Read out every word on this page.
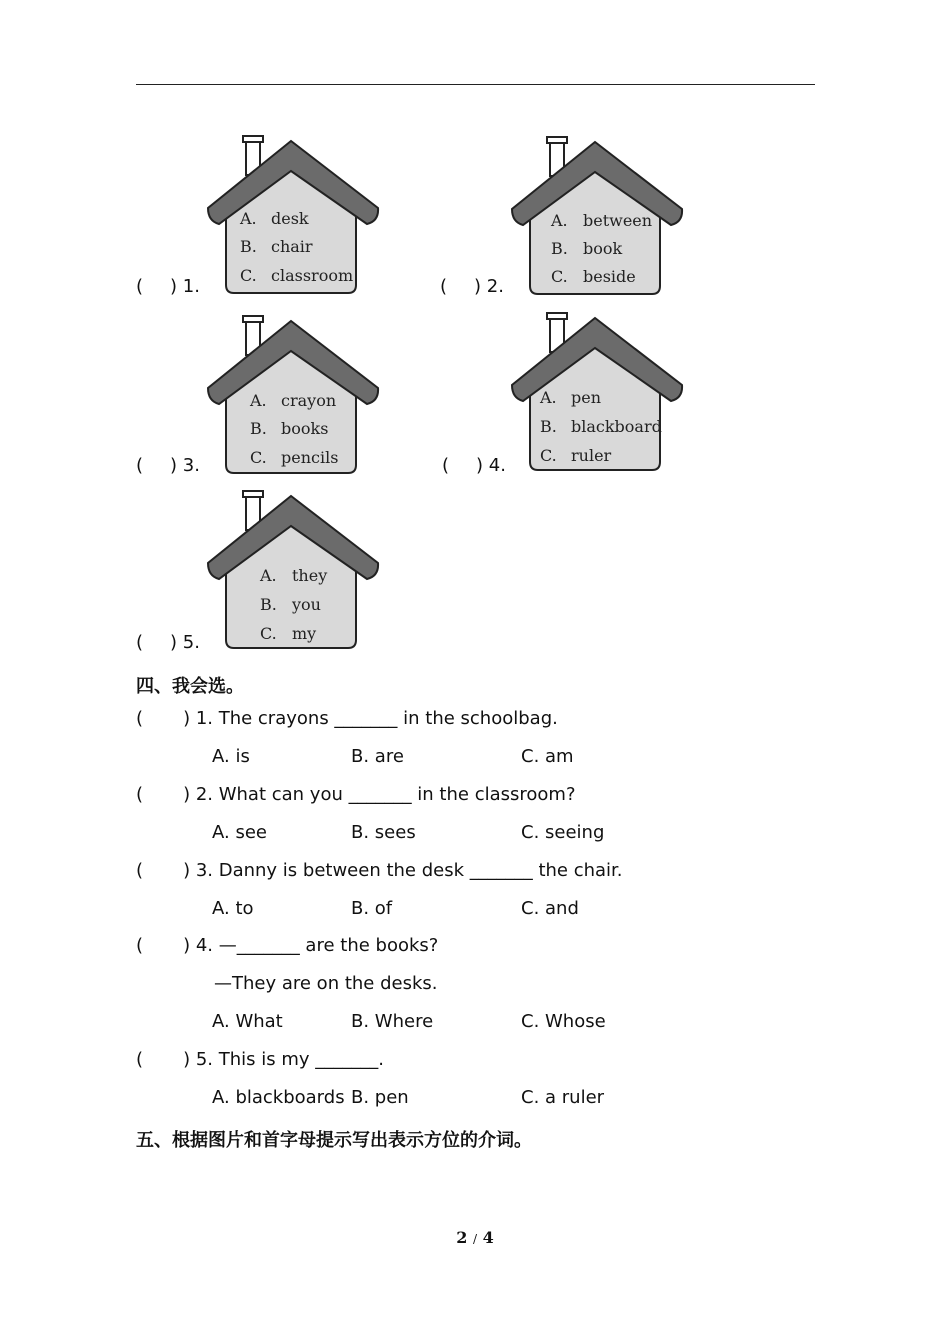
( ) 1.
A. desk
B. chair
C. classroom
( ) 2.
A. between
B. book
C. beside
( ) 3.
A. crayon
B. books
C. pencils	( ) 4.
A. pen
B. blackboard
C. ruler
( ) 5.
A. they
B. you
C. my
四、我会选。
(       ) 1. The crayons _______ in the schoolbag.
A. is	B. are	C. am
(       ) 2. What can you _______ in the classroom?
A. see	B. sees	C. seeing
(       ) 3. Danny is between the desk _______ the chair.
A. to	B. of	C. and
(       ) 4. —_______ are the books?
—They are on the desks.
A. What	B. Where	C. Whose
(       ) 5. This is my _______.
A. blackboards B. pen	C. a ruler
五、根据图片和首字母提示写出表示方位的介词。
2 / 4
